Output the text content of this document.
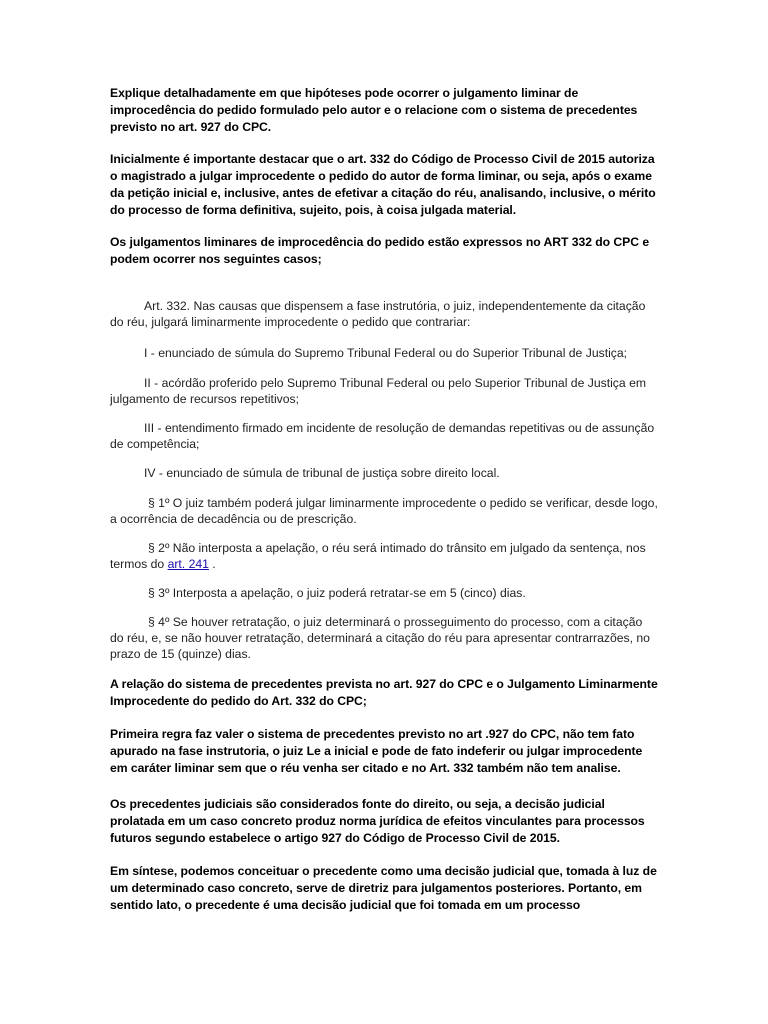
Explique detalhadamente em que hipóteses pode ocorrer o julgamento liminar de improcedência do pedido formulado pelo autor e o relacione com o sistema de precedentes previsto no art. 927 do CPC.

Inicialmente é importante destacar que o art. 332 do Código de Processo Civil de 2015 autoriza o magistrado a julgar improcedente o pedido do autor de forma liminar, ou seja, após o exame da petição inicial e, inclusive, antes de efetivar a citação do réu, analisando, inclusive, o mérito do processo de forma definitiva, sujeito, pois, à coisa julgada material.

Os julgamentos liminares de improcedência do pedido estão expressos no ART 332 do CPC e podem ocorrer nos seguintes casos;

Art. 332. Nas causas que dispensem a fase instrutória, o juiz, independentemente da citação do réu, julgará liminarmente improcedente o pedido que contrariar:

I - enunciado de súmula do Supremo Tribunal Federal ou do Superior Tribunal de Justiça;

II - acórdão proferido pelo Supremo Tribunal Federal ou pelo Superior Tribunal de Justiça em julgamento de recursos repetitivos;

III - entendimento firmado em incidente de resolução de demandas repetitivas ou de assunção de competência;

IV - enunciado de súmula de tribunal de justiça sobre direito local.

§ 1º O juiz também poderá julgar liminarmente improcedente o pedido se verificar, desde logo, a ocorrência de decadência ou de prescrição.

§ 2º Não interposta a apelação, o réu será intimado do trânsito em julgado da sentença, nos termos do art. 241 .

§ 3º Interposta a apelação, o juiz poderá retratar-se em 5 (cinco) dias.

§ 4º Se houver retratação, o juiz determinará o prosseguimento do processo, com a citação do réu, e, se não houver retratação, determinará a citação do réu para apresentar contrarrazões, no prazo de 15 (quinze) dias.

A relação do sistema de precedentes prevista no art. 927 do CPC e o Julgamento Liminarmente Improcedente do pedido do Art. 332 do CPC;

Primeira regra faz valer o sistema de precedentes previsto no art .927 do CPC, não tem fato apurado na fase instrutoria, o juiz Le a inicial e pode de fato indeferir ou julgar improcedente em caráter liminar sem que o réu venha ser citado e no Art. 332 também não tem analise.

Os precedentes judiciais são considerados fonte do direito, ou seja, a decisão judicial prolatada em um caso concreto produz norma jurídica de efeitos vinculantes para processos futuros segundo estabelece o artigo 927 do Código de Processo Civil de 2015.

Em síntese, podemos conceituar o precedente como uma decisão judicial que, tomada à luz de um determinado caso concreto, serve de diretriz para julgamentos posteriores. Portanto, em sentido lato, o precedente é uma decisão judicial que foi tomada em um processo
